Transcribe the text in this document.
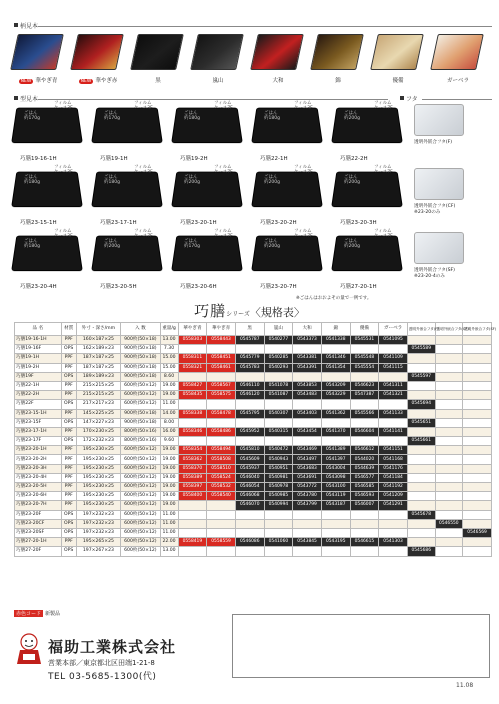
柄見本
NEW 華やぎ青	NEW 華やぎ赤	黒	嵐山	大和	錦	優備	ガーベラ
型見本	フタ
フィルム
ケース3F
ごはん
約170g
巧膳19-16-1H
フィルム
ケース3F
ごはん
約170g
巧膳19-1H
フィルム
ケース7F
ごはん
約180g
巧膳19-2H
フィルム
ケース3F
ごはん
約180g
巧膳22-1H
フィルム
ケース7F
ごはん
約200g
巧膳22-2H
フィルム
ケース3F
ごはん
約180g
巧膳23-15-1H
フィルム
ケース3F
ごはん
約180g
巧膳23-17-1H
フィルム
ケース7F
ごはん
約200g
巧膳23-20-1H
フィルム
ケース7F
ごはん
約200g
巧膳23-20-2H
フィルム
ケース7F
ごはん
約200g
巧膳23-20-3H
フィルム
ケース3F
ごはん
約180g
巧膳23-20-4H
フィルム
ケース7F
ごはん
約200g
巧膳23-20-5H
フィルム
ケース7F
ごはん
約170g
巧膳23-20-6H
フィルム
ケース7F
ごはん
約200g
巧膳23-20-7H
フィルム
ケース7F
ごはん
約200g
巧膳27-20-1H
透明外嵌合フタ(F)
透明外嵌合フタ(CF)
※23-20のみ
透明外嵌合フタ(SF)
※23-20-4のみ
※ごはんはおおよその量で一例です。
巧膳シリーズ〈規格表〉
品 名	材質	外寸・深さ/mm	入 数	重量/g	華やぎ青	華やぎ赤	黒	嵐山	大和	錦	優備	ガーベラ	透明外嵌合フタ(F)	透明外嵌合フタ(CF)	透明外嵌合フタ(SF)
巧膳19-16-1H	PPF	160×187×25	900枚(50×18)	13.00	0558303	0558443	0545787	0540277	0543373	0541338	0545531	0541095			
巧膳19-16F	OPS	162×189×23	900枚(50×18)	7.30									0545589		
巧膳19-1H	PPF	187×187×25	900枚(50×18)	15.00	0558311	0558451	0545779	0540285	0543381	0541346	0545548	0541109			
巧膳19-2H	PPF	187×187×25	900枚(50×18)	15.00	0558321	0558461	0545783	0540293	0543391	0541354	0545554	0541115			
巧膳19F	OPS	189×189×23	900枚(50×18)	8.60									0545597		
巧膳22-1H	PPF	215×215×25	600枚(50×12)	19.00	0558427	0558567	0546110	0541078	0543853	0543209	0546623	0541311			
巧膳22-2H	PPF	215×215×25	600枚(50×12)	19.00	0558435	0558575	0546120	0541087	0543483	0543229	0547387	0541321			
巧膳22F	OPS	217×217×23	600枚(50×12)	11.00									0545694		
巧膳23-15-1H	PPF	145×225×25	900枚(50×18)	14.00	0558338	0558478	0545795	0540307	0543403	0541362	0545566	0541133			
巧膳23-15F	OPS	147×227×23	900枚(50×18)	8.00									0545651		
巧膳23-17-1H	PPF	170×230×25	800枚(50×16)	16.00	0558346	0558486	0545952	0540315	0543454	0541370	0546604	0541141			
巧膳23-17F	OPS	172×232×23	800枚(50×16)	9.60									0545661		
巧膳23-20-1H	PPF	195×230×25	600枚(50×12)	19.00	0558354	0558494	0545810	0540472	0543469	0541389	0546612	0541151			
巧膳23-20-2H	PPF	195×230×25	600枚(50×12)	19.00	0558362	0558508	0545609	0540943	0543497	0541397	0544020	0541168			
巧膳23-20-3H	PPF	195×230×25	600枚(50×12)	19.00	0558370	0558510	0545937	0540951	0543683	0543004	0544639	0541176			
巧膳23-20-4H	PPF	195×230×25	600枚(50×12)	19.00	0558389	0558524	0546040	0540981	0543691	0543098	0546577	0541184			
巧膳23-20-5H	PPF	195×230×25	600枚(50×12)	19.00	0558397	0558532	0546054	0540978	0543772	0543100	0546585	0541192			
巧膳23-20-6H	PPF	195×230×25	600枚(50×12)	19.00	0558400	0558540	0546068	0540985	0543780	0543119	0546593	0541209			
巧膳23-20-7H	PPF	195×230×25	600枚(50×12)	19.00			0546070	0540994	0543799	0543187	0546007	0541291			
巧膳23-20F	OPS	197×232×23	600枚(50×12)	11.00									0545678		
巧膳23-20CF	OPS	197×232×23	600枚(50×12)	11.00										0546550	
巧膳23-20SF	OPS	197×232×23	600枚(50×12)	11.00											0546569
巧膳27-20-1H	PPF	195×265×25	600枚(50×12)	22.00	0558419	0558559	0546086	0541060	0543845	0543195	0546615	0541303			
巧膳27-20F	OPS	197×267×23	600枚(50×12)	13.00									0545686		
赤色コード 新製品
福助工業株式会社
営業本部／東京都北区田端1-21-8
TEL 03-5685-1300(代)
11.08
